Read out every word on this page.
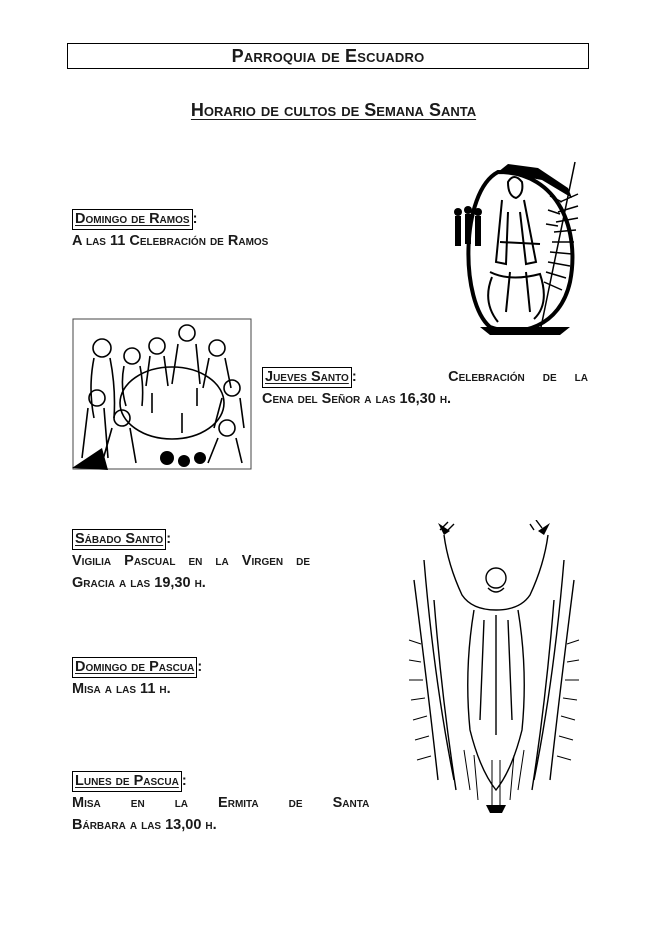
Parroquia de Escuadro
Horario de cultos de Semana Santa
Domingo de Ramos :
A las 11 Celebración de Ramos
Jueves Santo :	Celebración de la
Cena del Señor a las 16,30 h.
Sábado Santo :
Vigilia Pascual en la Virgen de
Gracia a las 19,30 h.
Domingo de Pascua :
Misa a las 11 h.
Lunes de Pascua :
Misa en la Ermita de Santa
Bárbara a las 13,00 h.
